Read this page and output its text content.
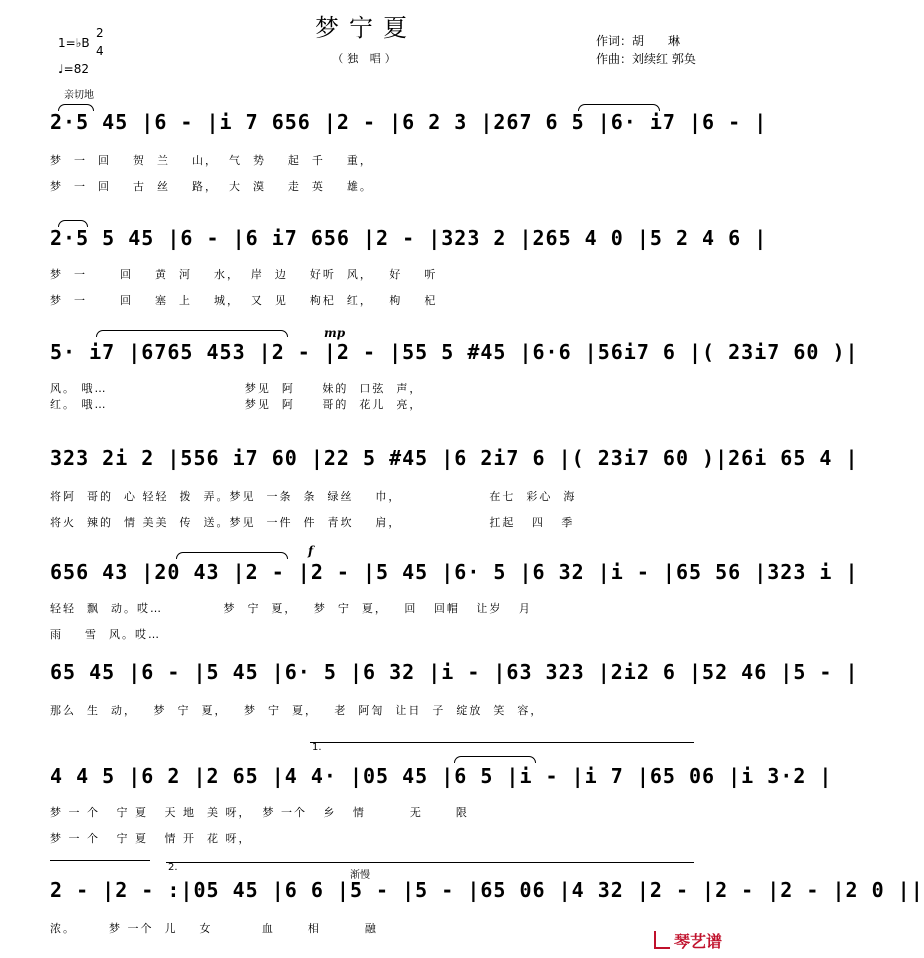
梦宁夏
（独 唱）
作词：胡　　琳
作曲：刘续红 郭奂
1=♭B
2
4
♩=82
亲切地
2·5 45 |6 - |i 7 656 |2 - |6 2 3 |267 6 5 |6· i7 |6 - |
梦  一  回    贺  兰    山，  气  势    起  千    重，
梦  一  回    古  丝    路，  大  漠    走  英    雄。
2·5 5 45 |6 - |6 i7 656 |2 - |323 2 |265 4 0 |5 2 4 6 |
梦  一      回    黄  河    水，  岸  边    好听  风，   好    听
梦  一      回    塞  上    城，  又  见    枸杞  红，   枸    杞
mp
5· i7 |6765 453 |2 - |2 - |55 5 #45 |6·6 |56i7 6 |( 23i7 60 )|
风。 哦…                         梦见  阿     妹的  口弦  声，
红。 哦…                         梦见  阿     哥的  花儿  亮，
323 2i 2 |556 i7 60 |22 5 #45 |6 2i7 6 |( 23i7 60 )|26i 65 4 |
将阿  哥的  心 轻轻  拨  弄。梦见  一条  条  绿丝    巾，                在七  彩心  海
将火  辣的  情 美美  传  送。梦见  一件  件  青坎    肩，                扛起   四   季
f
656 43 |20 43 |2 - |2 - |5 45 |6· 5 |6 32 |i - |65 56 |323 i |
轻轻  飘  动。哎…           梦  宁  夏，   梦  宁  夏，   回   回帽   让岁   月
雨    雪  风。哎…
65 45 |6 - |5 45 |6· 5 |6 32 |i - |63 323 |2i2 6 |52 46 |5 - |
那么  生  动，   梦  宁  夏，   梦  宁  夏，   老  阿訇  让日  子  绽放  笑  容，
1.
4 4 5 |6 2 |2 65 |4 4· |05 45 |6 5 |i - |i 7 |65 06 |i 3·2 |
梦 一 个   宁 夏   天 地  美 呀，  梦 一个   乡   情        无      限
梦 一 个   宁 夏   情 开  花 呀，
2.
渐慢
2 - |2 - :|05 45 |6 6 |5 - |5 - |65 06 |4 32 |2 - |2 - |2 - |2 0 ||
浓。      梦 一个  儿    女         血      相        融
琴艺谱
